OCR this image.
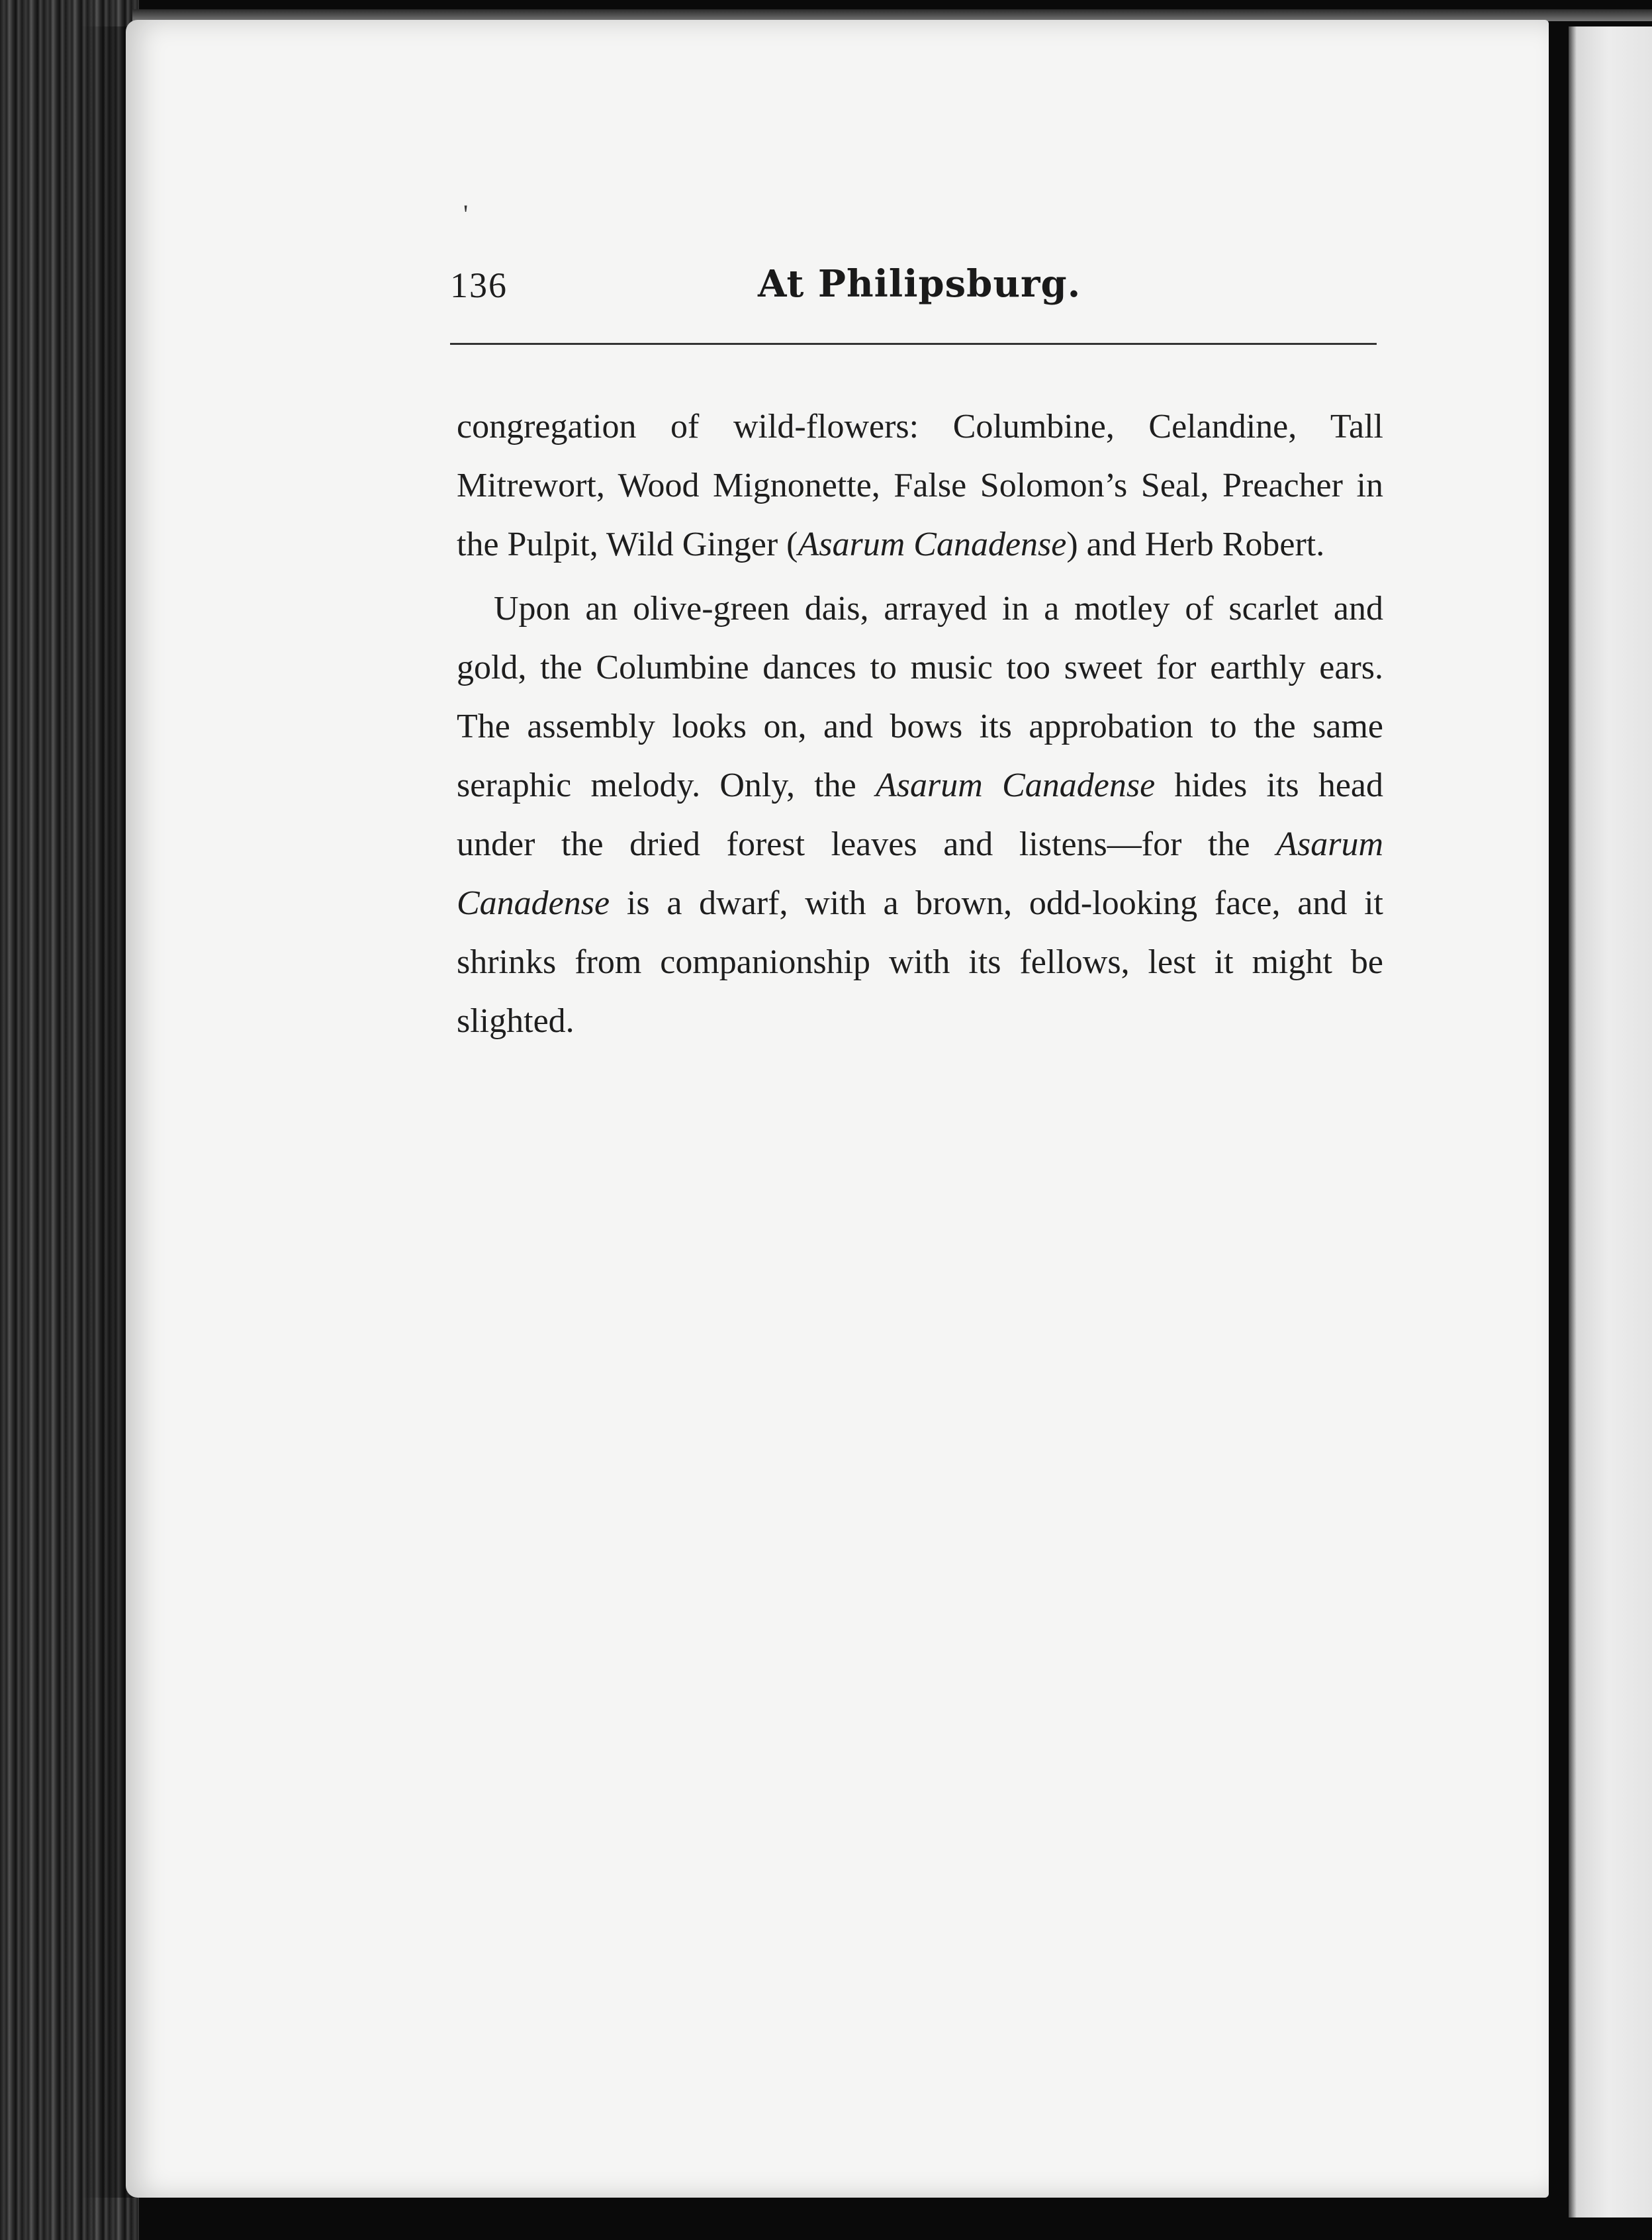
136	At Philipsburg.

congregation of wild-flowers: Columbine, Celandine, Tall Mitrewort, Wood Mignonette, False Solomon’s Seal, Preacher in the Pulpit, Wild Ginger (Asarum Canadense) and Herb Robert.

Upon an olive-green dais, arrayed in a motley of scarlet and gold, the Columbine dances to music too sweet for earthly ears. The assembly looks on, and bows its approbation to the same seraphic melody. Only, the Asarum Canadense hides its head under the dried forest leaves and listens—for the Asarum Canadense is a dwarf, with a brown, odd-looking face, and it shrinks from companionship with its fellows, lest it might be slighted.

'
